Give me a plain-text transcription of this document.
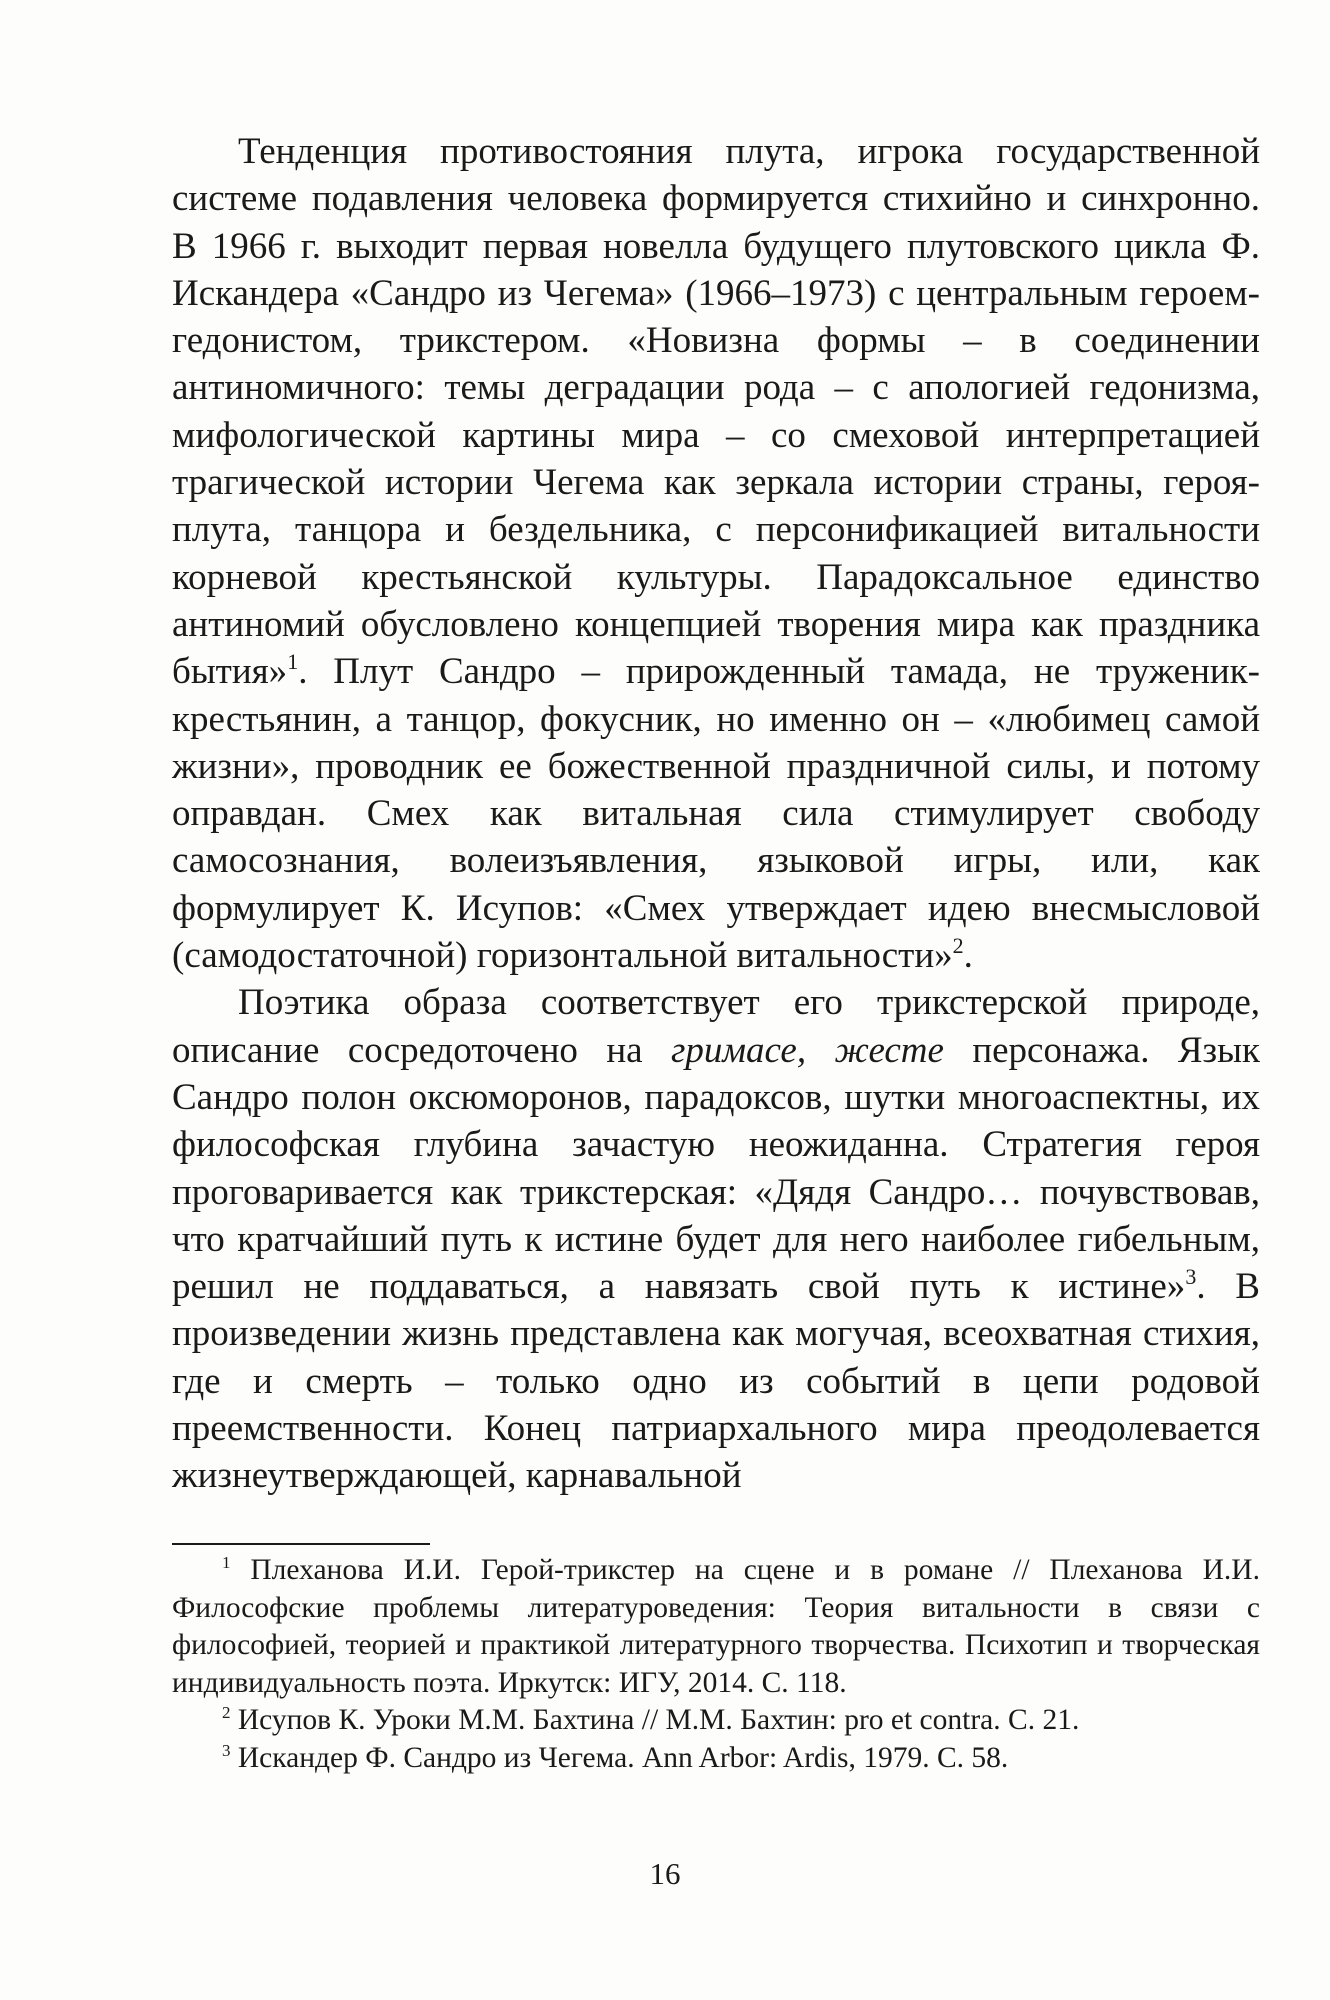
Тенденция противостояния плута, игрока государственной системе подавления человека формируется стихийно и синхронно. В 1966 г. выходит первая новелла будущего плутовского цикла Ф. Искандера «Сандро из Чегема» (1966–1973) с центральным героем-гедонистом, трикстером. «Новизна формы – в соединении антиномичного: темы деградации рода – с апологией гедонизма, мифологической картины мира – со смеховой интерпретацией трагической истории Чегема как зеркала истории страны, героя-плута, танцора и бездельника, с персонификацией витальности корневой крестьянской культуры. Парадоксальное единство антиномий обусловлено концепцией творения мира как праздника бытия»$^1$. Плут Сандро – прирожденный тамада, не труженик-крестьянин, а танцор, фокусник, но именно он – «любимец самой жизни», проводник ее божественной праздничной силы, и потому оправдан. Смех как витальная сила стимулирует свободу самосознания, волеизъявления, языковой игры, или, как формулирует К. Исупов: «Смех утверждает идею внесмысловой (самодостаточной) горизонтальной витальности»$^2$.

Поэтика образа соответствует его трикстерской природе, описание сосредоточено на гримасе, жесте персонажа. Язык Сандро полон оксюморонов, парадоксов, шутки многоаспектны, их философская глубина зачастую неожиданна. Стратегия героя проговаривается как трикстерская: «Дядя Сандро… почувствовав, что кратчайший путь к истине будет для него наиболее гибельным, решил не поддаваться, а навязать свой путь к истине»$^3$. В произведении жизнь представлена как могучая, всеохватная стихия, где и смерть – только одно из событий в цепи родовой преемственности. Конец патриархального мира преодолевается жизнеутверждающей, карнавальной

$^1$ Плеханова И.И. Герой-трикстер на сцене и в романе // Плеханова И.И. Философские проблемы литературоведения: Теория витальности в связи с философией, теорией и практикой литературного творчества. Психотип и творческая индивидуальность поэта. Иркутск: ИГУ, 2014. С. 118.

$^2$ Исупов К. Уроки М.М. Бахтина // М.М. Бахтин: pro et contra. С. 21.

$^3$ Искандер Ф. Сандро из Чегема. Ann Arbor: Ardis, 1979. С. 58.

16
